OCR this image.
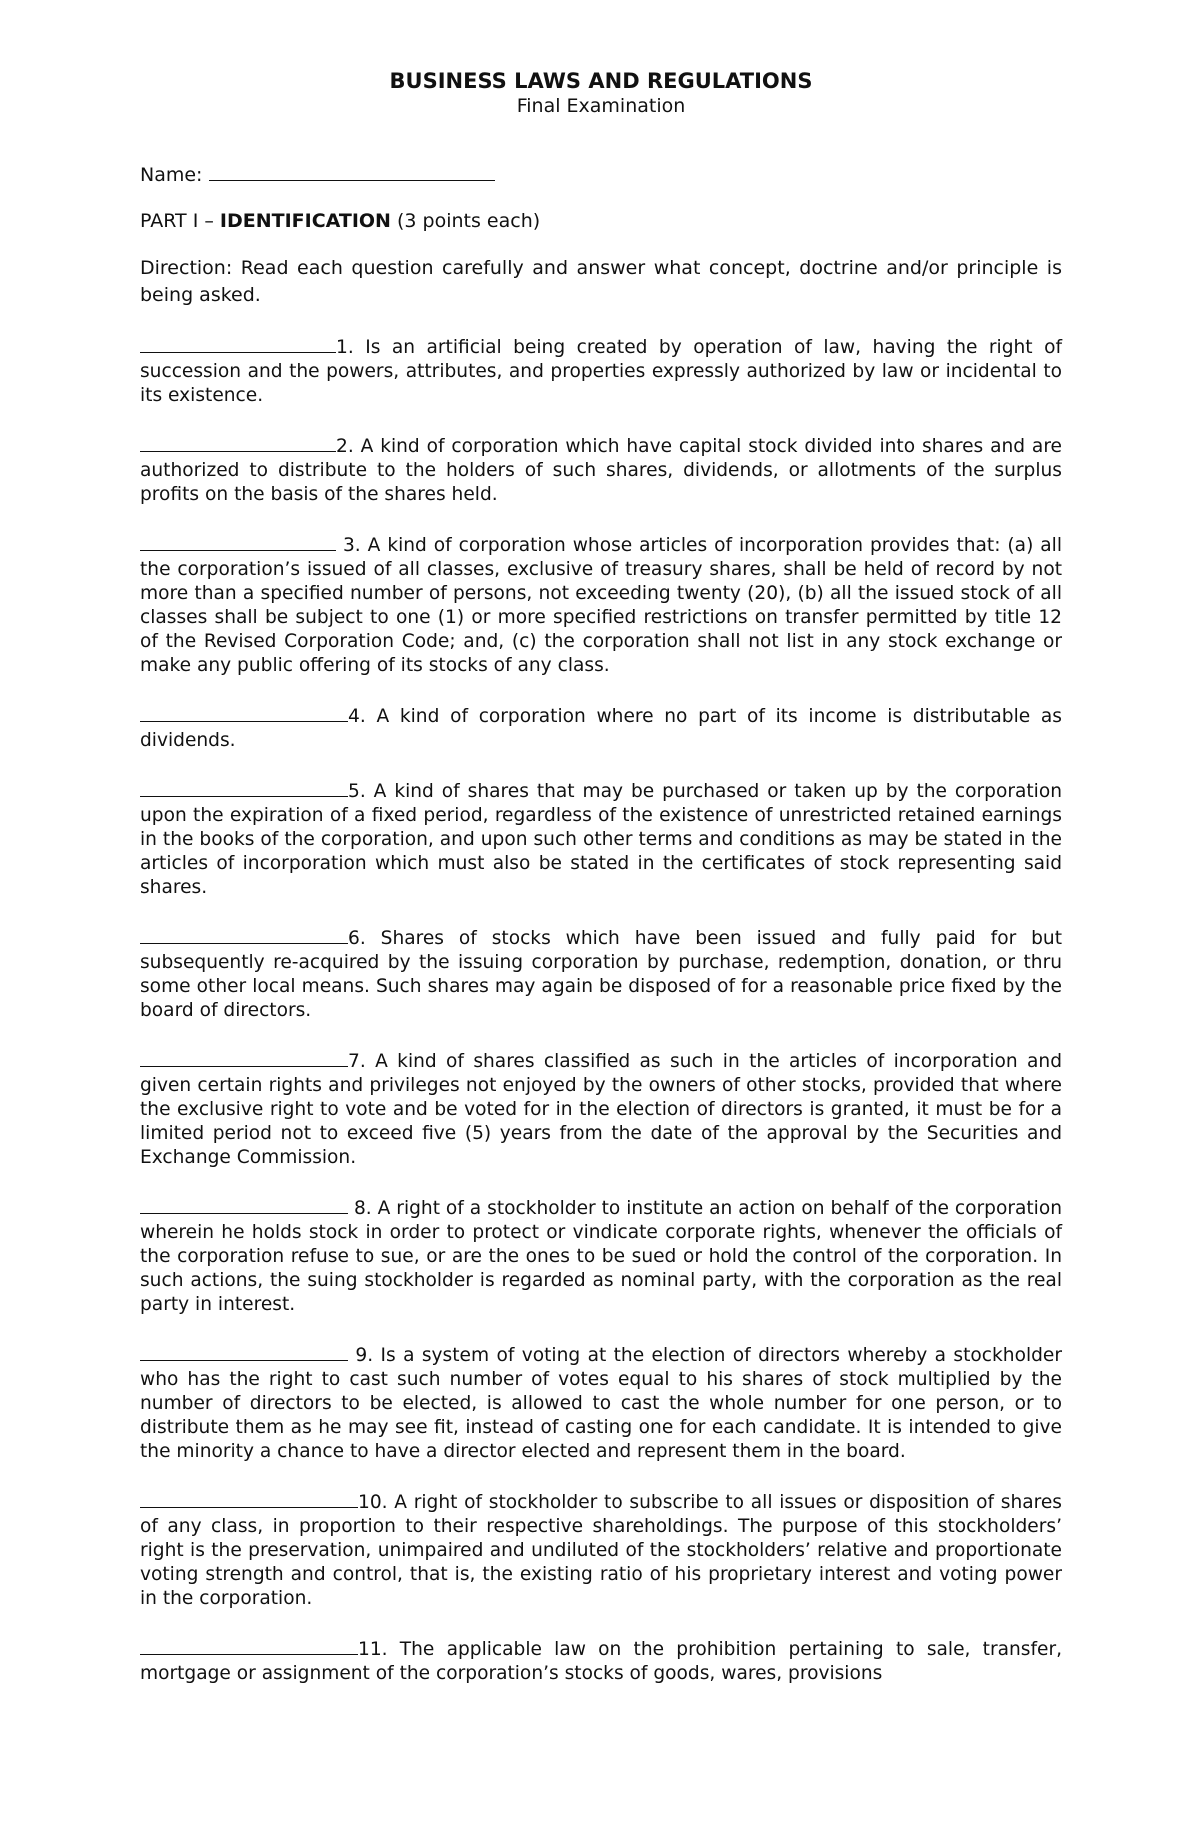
BUSINESS LAWS AND REGULATIONS

Final Examination

Name:
PART I – IDENTIFICATION (3 points each)
Direction: Read each question carefully and answer what concept, doctrine and/or principle is being asked.
1. Is an artificial being created by operation of law, having the right of succession and the powers, attributes, and properties expressly authorized by law or incidental to its existence.
2. A kind of corporation which have capital stock divided into shares and are authorized to distribute to the holders of such shares, dividends, or allotments of the surplus profits on the basis of the shares held.
3. A kind of corporation whose articles of incorporation provides that: (a) all the corporation’s issued of all classes, exclusive of treasury shares, shall be held of record by not more than a specified number of persons, not exceeding twenty (20), (b) all the issued stock of all classes shall be subject to one (1) or more specified restrictions on transfer permitted by title 12 of the Revised Corporation Code; and, (c) the corporation shall not list in any stock exchange or make any public offering of its stocks of any class.
4. A kind of corporation where no part of its income is distributable as dividends.
5. A kind of shares that may be purchased or taken up by the corporation upon the expiration of a fixed period, regardless of the existence of unrestricted retained earnings in the books of the corporation, and upon such other terms and conditions as may be stated in the articles of incorporation which must also be stated in the certificates of stock representing said shares.
6. Shares of stocks which have been issued and fully paid for but subsequently re-acquired by the issuing corporation by purchase, redemption, donation, or thru some other local means. Such shares may again be disposed of for a reasonable price fixed by the board of directors.
7. A kind of shares classified as such in the articles of incorporation and given certain rights and privileges not enjoyed by the owners of other stocks, provided that where the exclusive right to vote and be voted for in the election of directors is granted, it must be for a limited period not to exceed five (5) years from the date of the approval by the Securities and Exchange Commission.
8. A right of a stockholder to institute an action on behalf of the corporation wherein he holds stock in order to protect or vindicate corporate rights, whenever the officials of the corporation refuse to sue, or are the ones to be sued or hold the control of the corporation. In such actions, the suing stockholder is regarded as nominal party, with the corporation as the real party in interest.
9. Is a system of voting at the election of directors whereby a stockholder who has the right to cast such number of votes equal to his shares of stock multiplied by the number of directors to be elected, is allowed to cast the whole number for one person, or to distribute them as he may see fit, instead of casting one for each candidate. It is intended to give the minority a chance to have a director elected and represent them in the board.
10. A right of stockholder to subscribe to all issues or disposition of shares of any class, in proportion to their respective shareholdings. The purpose of this stockholders’ right is the preservation, unimpaired and undiluted of the stockholders’ relative and proportionate voting strength and control, that is, the existing ratio of his proprietary interest and voting power in the corporation.
11. The applicable law on the prohibition pertaining to sale, transfer, mortgage or assignment of the corporation’s stocks of goods, wares, provisions
